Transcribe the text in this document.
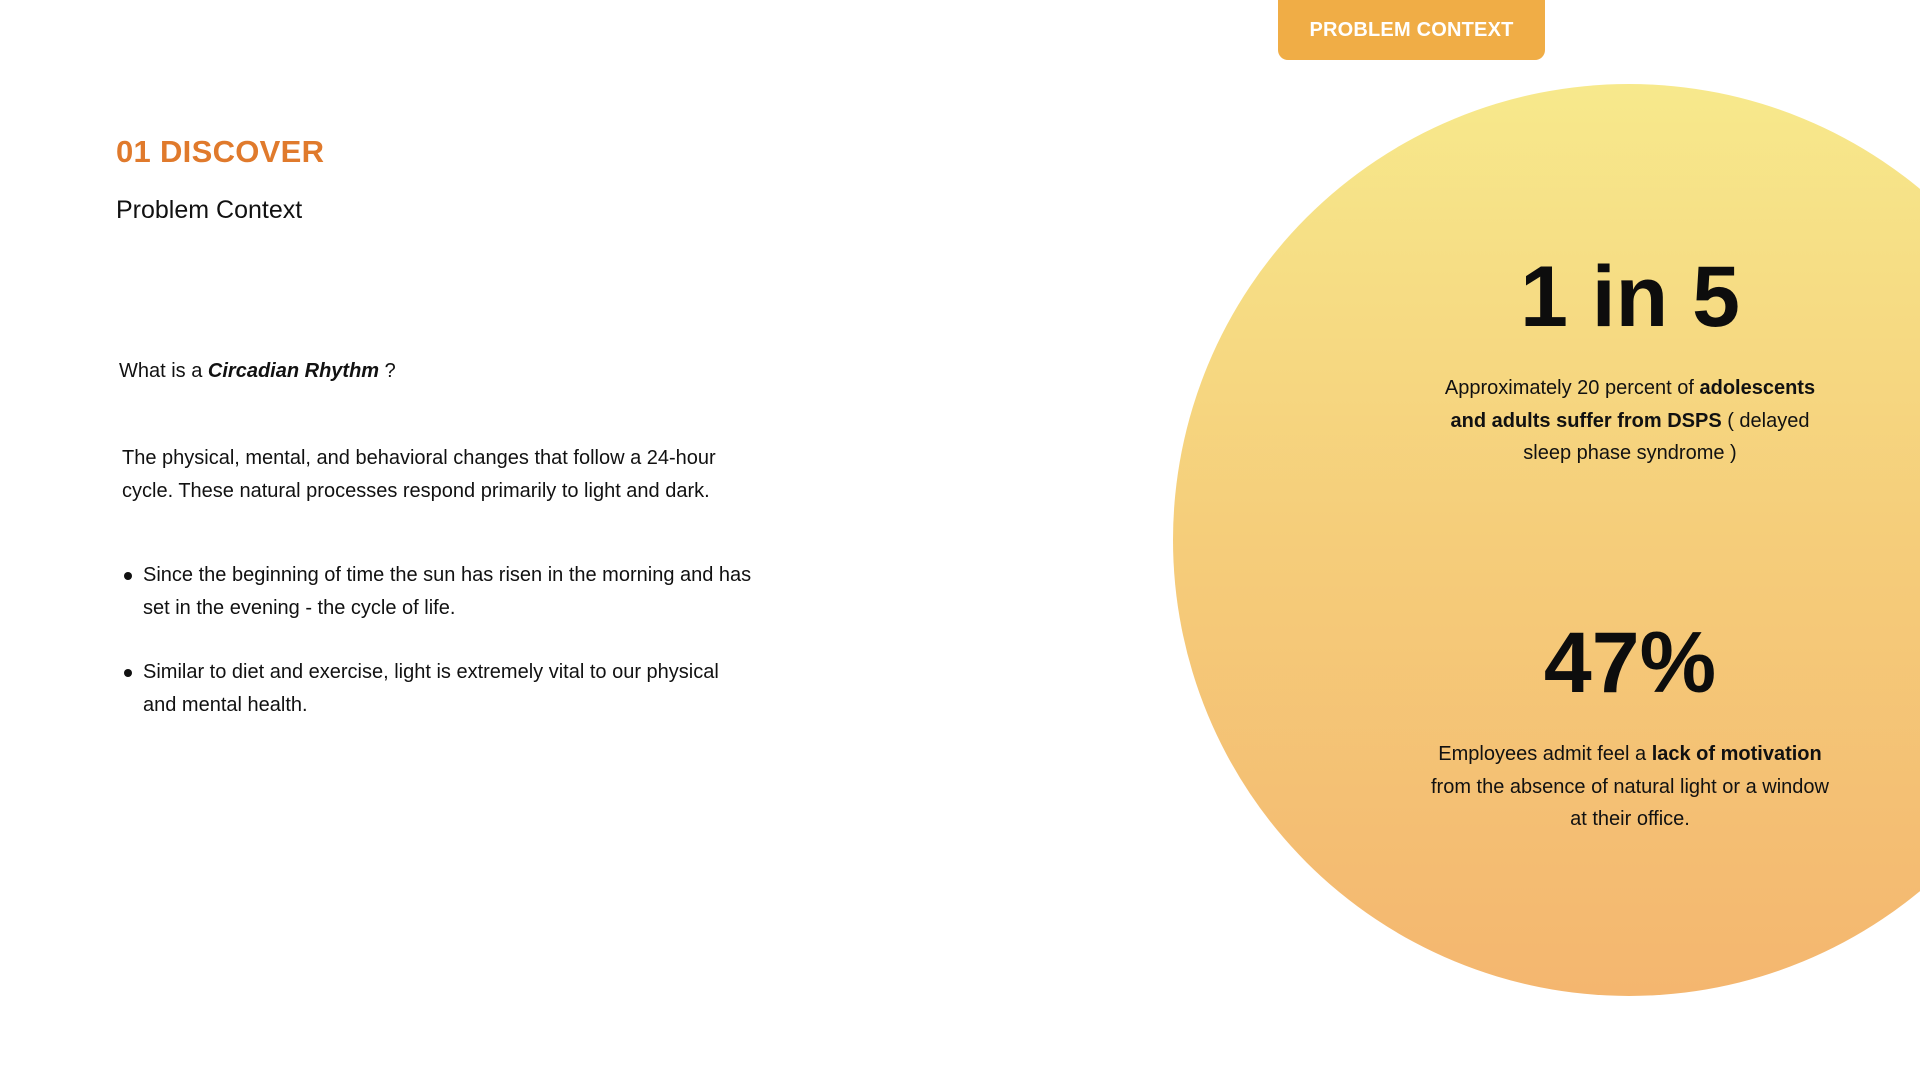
PROBLEM CONTEXT
01 DISCOVER
Problem Context
What is a Circadian Rhythm ?
The physical, mental, and behavioral changes that follow a 24-hour cycle. These natural processes respond primarily to light and dark.
Since the beginning of time the sun has risen in the morning and has set in the evening - the cycle of life.
Similar to diet and exercise, light is extremely vital to our physical and mental health.
1 in 5
Approximately 20 percent of adolescents and adults suffer from DSPS ( delayed sleep phase syndrome )
47%
Employees admit feel a lack of motivation from the absence of natural light or a window at their office.
